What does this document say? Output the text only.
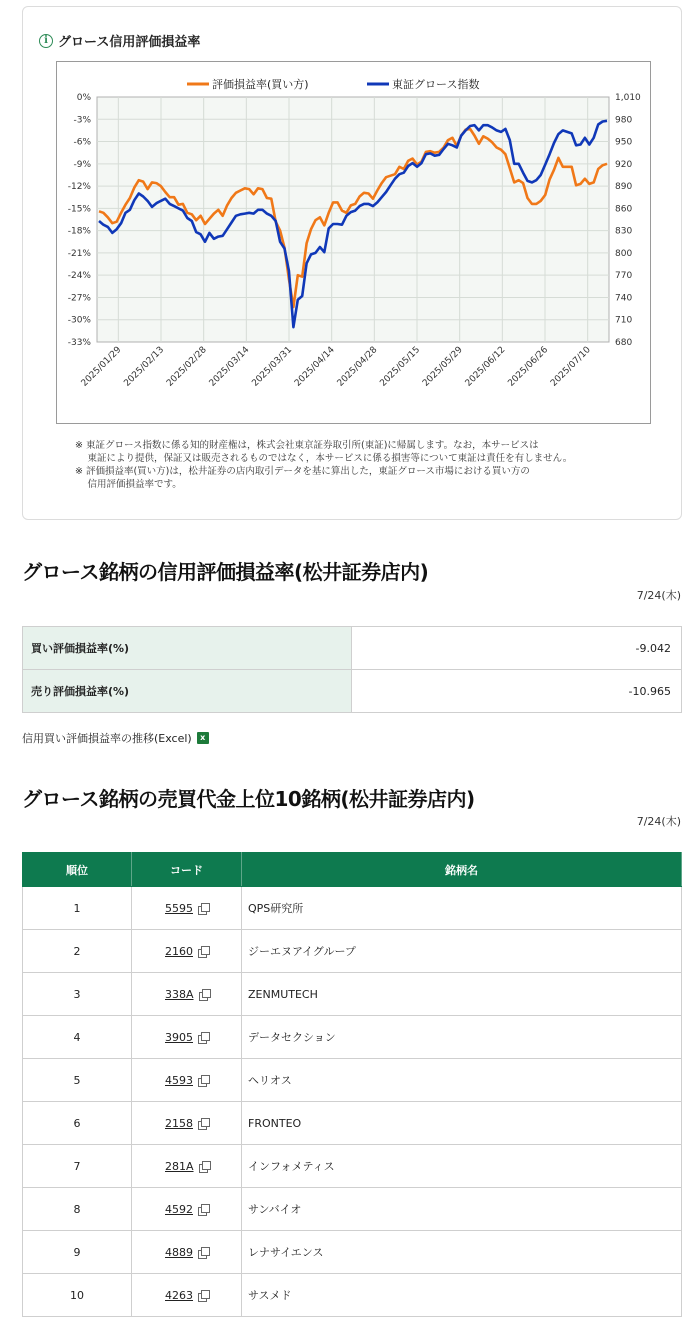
i グロース信用評価損益率
0%	1,010
-3%	980
-6%	950
-9%	920
-12%	890
-15%	860
-18%	830
-21%	800
-24%	770
-27%	740
-30%	710
-33%	680
2025/01/29
2025/02/13
2025/02/28
2025/03/14
2025/03/31
2025/04/14
2025/04/28
2025/05/15
2025/05/29
2025/06/12
2025/06/26
2025/07/10
評価損益率(買い方)	東証グロース指数
※ 東証グロース指数に係る知的財産権は，株式会社東京証券取引所(東証)に帰属します。なお，本サービスは
　 東証により提供，保証又は販売されるものではなく，本サービスに係る損害等について東証は責任を有しません。
※ 評価損益率(買い方)は，松井証券の店内取引データを基に算出した，東証グロース市場における買い方の
　 信用評価損益率です。
グロース銘柄の信用評価損益率(松井証券店内)
7/24(木)
買い評価損益率(%)	-9.042
売り評価損益率(%)	-10.965
信用買い評価損益率の推移(Excel)	x
グロース銘柄の売買代金上位10銘柄(松井証券店内)
7/24(木)
順位	コード	銘柄名
1	5595	QPS研究所
2	2160	ジーエヌアイグループ
3	338A	ZENMUTECH
4	3905	データセクション
5	4593	ヘリオス
6	2158	FRONTEO
7	281A	インフォメティス
8	4592	サンバイオ
9	4889	レナサイエンス
10	4263	サスメド
